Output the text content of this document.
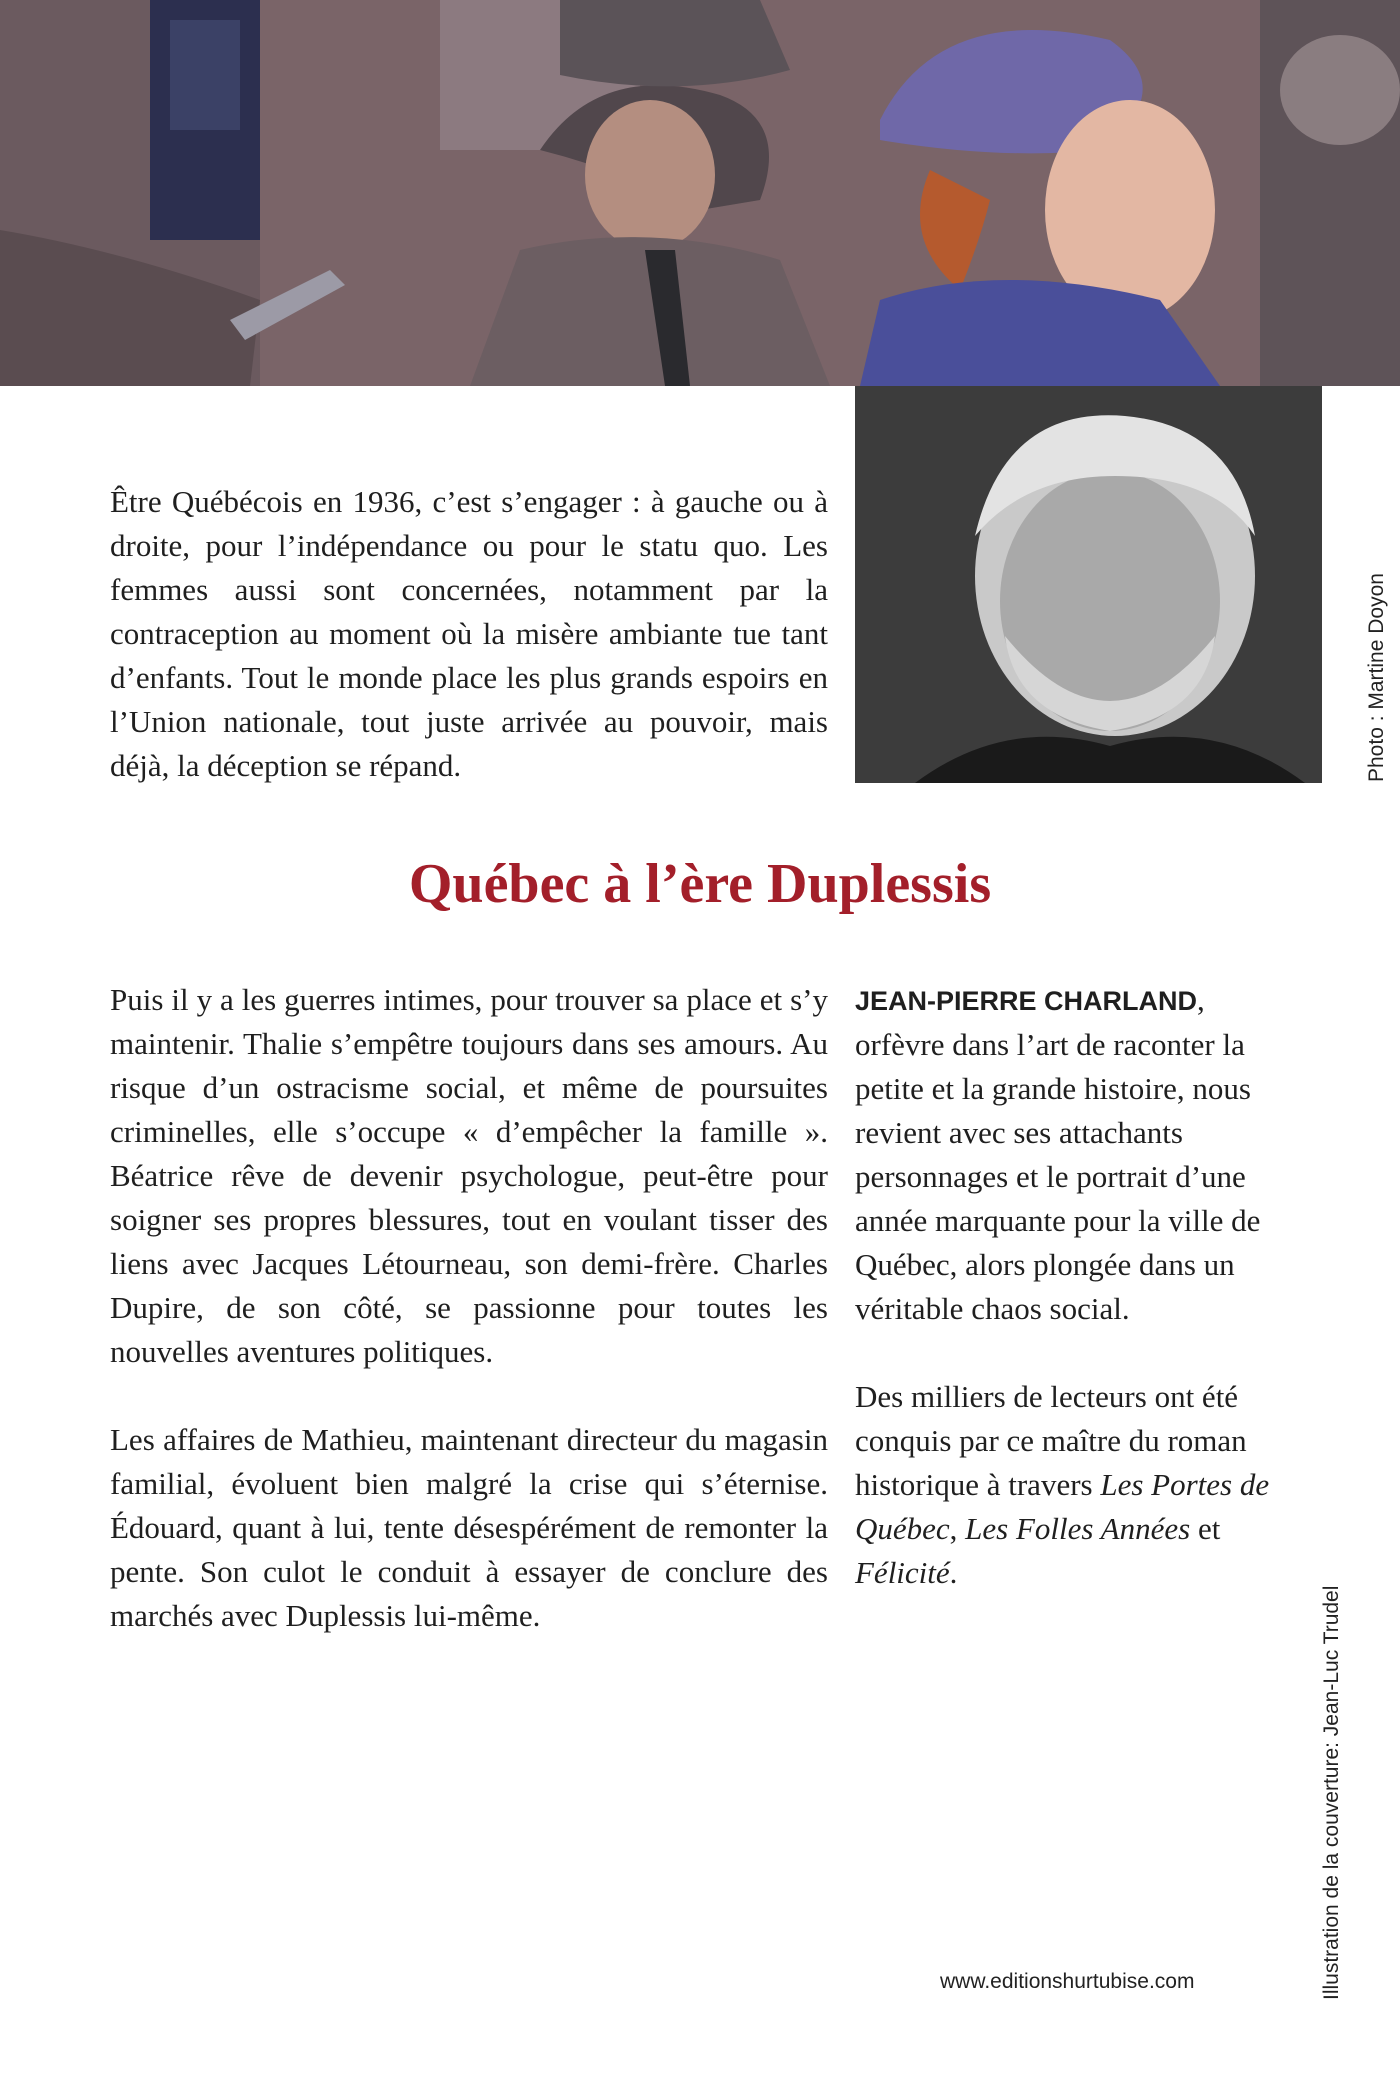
Photo : Martine Doyon

Être Québécois en 1936, c’est s’engager : à gauche ou à droite, pour l’indépendance ou pour le statu quo. Les femmes aussi sont concernées, notamment par la contraception au moment où la misère ambiante tue tant d’enfants. Tout le monde place les plus grands espoirs en l’Union nationale, tout juste arrivée au pouvoir, mais déjà, la déception se répand.

Québec à l’ère Duplessis

Puis il y a les guerres intimes, pour trouver sa place et s’y maintenir. Thalie s’empêtre toujours dans ses amours. Au risque d’un ostracisme social, et même de poursuites criminelles, elle s’occupe « d’empêcher la famille ». Béatrice rêve de devenir psychologue, peut-être pour soigner ses propres blessures, tout en voulant tisser des liens avec Jacques Létourneau, son demi-frère. Charles Dupire, de son côté, se passionne pour toutes les nouvelles aventures politiques.

Les affaires de Mathieu, maintenant directeur du magasin familial, évoluent bien malgré la crise qui s’éternise. Édouard, quant à lui, tente désespérément de remonter la pente. Son culot le conduit à essayer de conclure des marchés avec Duplessis lui-même.

JEAN-PIERRE CHARLAND, orfèvre dans l’art de raconter la petite et la grande histoire, nous revient avec ses attachants personnages et le portrait d’une année marquante pour la ville de Québec, alors plongée dans un véritable chaos social.

Des milliers de lecteurs ont été conquis par ce maître du roman historique à travers Les Portes de Québec, Les Folles Années et Félicité.

Illustration de la couverture: Jean-Luc Trudel
www.editionshurtubise.com
